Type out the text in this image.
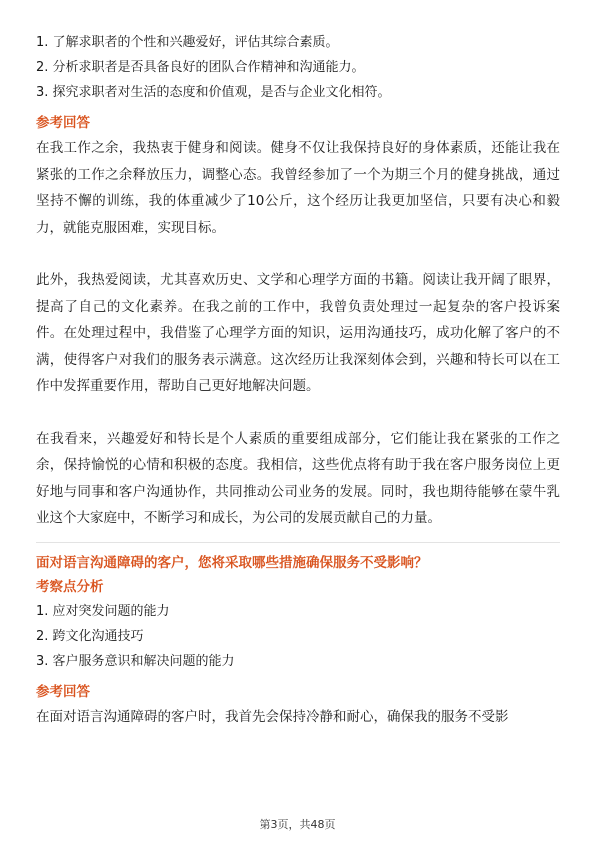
1. 了解求职者的个性和兴趣爱好，评估其综合素质。

2. 分析求职者是否具备良好的团队合作精神和沟通能力。

3. 探究求职者对生活的态度和价值观，是否与企业文化相符。

参考回答

在我工作之余，我热衷于健身和阅读。健身不仅让我保持良好的身体素质，还能让我在紧张的工作之余释放压力，调整心态。我曾经参加了一个为期三个月的健身挑战，通过坚持不懈的训练，我的体重减少了10公斤，这个经历让我更加坚信，只要有决心和毅力，就能克服困难，实现目标。

此外，我热爱阅读，尤其喜欢历史、文学和心理学方面的书籍。阅读让我开阔了眼界，提高了自己的文化素养。在我之前的工作中，我曾负责处理过一起复杂的客户投诉案件。在处理过程中，我借鉴了心理学方面的知识，运用沟通技巧，成功化解了客户的不满，使得客户对我们的服务表示满意。这次经历让我深刻体会到，兴趣和特长可以在工作中发挥重要作用，帮助自己更好地解决问题。

在我看来，兴趣爱好和特长是个人素质的重要组成部分，它们能让我在紧张的工作之余，保持愉悦的心情和积极的态度。我相信，这些优点将有助于我在客户服务岗位上更好地与同事和客户沟通协作，共同推动公司业务的发展。同时，我也期待能够在蒙牛乳业这个大家庭中，不断学习和成长，为公司的发展贡献自己的力量。

面对语言沟通障碍的客户，您将采取哪些措施确保服务不受影响？

考察点分析

1. 应对突发问题的能力

2. 跨文化沟通技巧

3. 客户服务意识和解决问题的能力

参考回答

在面对语言沟通障碍的客户时，我首先会保持冷静和耐心，确保我的服务不受影

第3页，共48页
